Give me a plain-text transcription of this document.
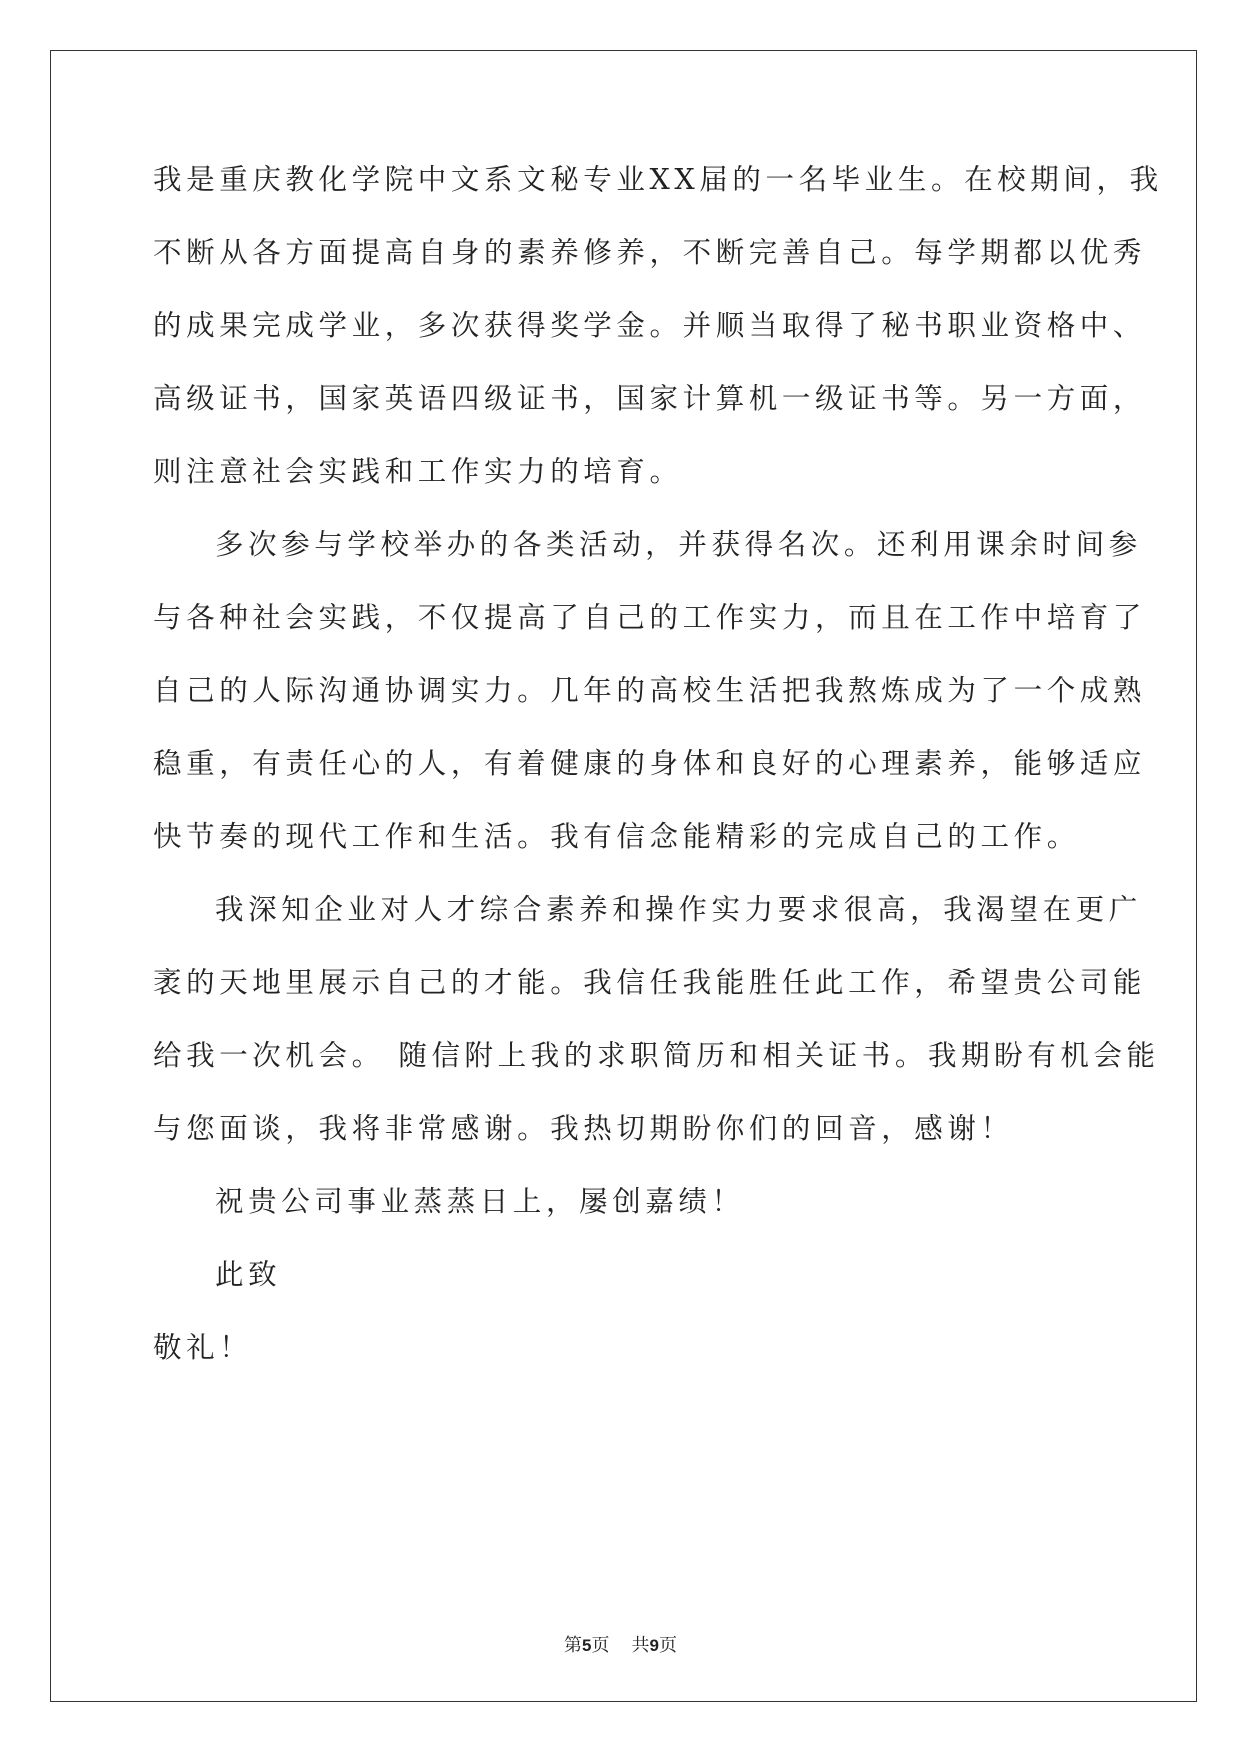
我是重庆教化学院中文系文秘专业XX届的一名毕业生。在校期间，我
不断从各方面提高自身的素养修养，不断完善自己。每学期都以优秀
的成果完成学业，多次获得奖学金。并顺当取得了秘书职业资格中、
高级证书，国家英语四级证书，国家计算机一级证书等。另一方面，
则注意社会实践和工作实力的培育。
多次参与学校举办的各类活动，并获得名次。还利用课余时间参
与各种社会实践，不仅提高了自己的工作实力，而且在工作中培育了
自己的人际沟通协调实力。几年的高校生活把我熬炼成为了一个成熟
稳重，有责任心的人，有着健康的身体和良好的心理素养，能够适应
快节奏的现代工作和生活。我有信念能精彩的完成自己的工作。
我深知企业对人才综合素养和操作实力要求很高，我渴望在更广
袤的天地里展示自己的才能。我信任我能胜任此工作，希望贵公司能
给我一次机会。 随信附上我的求职简历和相关证书。我期盼有机会能
与您面谈，我将非常感谢。我热切期盼你们的回音，感谢！
祝贵公司事业蒸蒸日上，屡创嘉绩！
此致
敬礼！
第5页 共9页
